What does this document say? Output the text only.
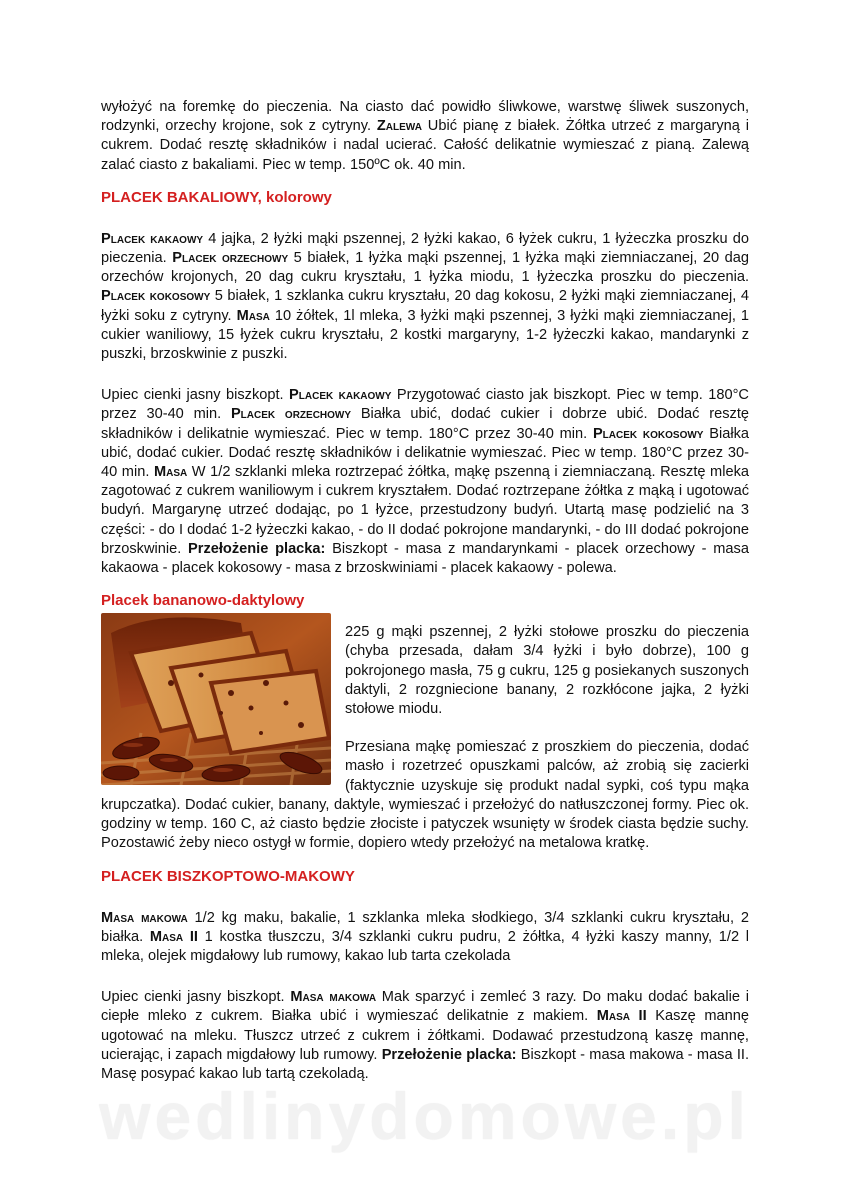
wyłożyć na foremkę do pieczenia. Na ciasto dać powidło śliwkowe, warstwę śliwek suszonych, rodzynki, orzechy krojone, sok z cytryny. Zalewa Ubić pianę z białek. Żółtka utrzeć z margaryną i cukrem. Dodać resztę składników i nadal ucierać. Całość delikatnie wymieszać z pianą. Zalewą zalać ciasto z bakaliami. Piec w temp. 150ºC ok. 40 min.

PLACEK BAKALIOWY, kolorowy

Placek kakaowy 4 jajka, 2 łyżki mąki pszennej, 2 łyżki kakao, 6 łyżek cukru, 1 łyżeczka proszku do pieczenia. Placek orzechowy 5 białek, 1 łyżka mąki pszennej, 1 łyżka mąki ziemniaczanej, 20 dag orzechów krojonych, 20 dag cukru kryształu, 1 łyżka miodu, 1 łyżeczka proszku do pieczenia. Placek kokosowy 5 białek, 1 szklanka cukru kryształu, 20 dag kokosu, 2 łyżki mąki ziemniaczanej, 4 łyżki soku z cytryny. Masa 10 żółtek, 1l mleka, 3 łyżki mąki pszennej, 3 łyżki mąki ziemniaczanej, 1 cukier waniliowy, 15 łyżek cukru kryształu, 2 kostki margaryny, 1-2 łyżeczki kakao, mandarynki z puszki, brzoskwinie z puszki.

Upiec cienki jasny biszkopt. Placek kakaowy Przygotować ciasto jak biszkopt. Piec w temp. 180°C przez 30-40 min. Placek orzechowy Białka ubić, dodać cukier i dobrze ubić. Dodać resztę składników i delikatnie wymieszać. Piec w temp. 180°C przez 30-40 min. Placek kokosowy Białka ubić, dodać cukier. Dodać resztę składników i delikatnie wymieszać. Piec w temp. 180°C przez 30-40 min. Masa W 1/2 szklanki mleka roztrzepać żółtka, mąkę pszenną i ziemniaczaną. Resztę mleka zagotować z cukrem waniliowym i cukrem kryształem. Dodać roztrzepane żółtka z mąką i ugotować budyń. Margarynę utrzeć dodając, po 1 łyżce, przestudzony budyń. Utartą masę podzielić na 3 części: - do I dodać 1-2 łyżeczki kakao, - do II dodać pokrojone mandarynki, - do III dodać pokrojone brzoskwinie. Przełożenie placka: Biszkopt - masa z mandarynkami - placek orzechowy - masa kakaowa - placek kokosowy - masa z brzoskwiniami - placek kakaowy - polewa.

Placek bananowo-daktylowy

225 g mąki pszennej, 2 łyżki stołowe proszku do pieczenia (chyba przesada, dałam 3/4 łyżki i było dobrze), 100 g pokrojonego masła, 75 g cukru, 125 g posiekanych suszonych daktyli, 2 rozgniecione banany, 2 rozkłócone jajka, 2 łyżki stołowe miodu.

Przesiana mąkę pomieszać z proszkiem do pieczenia, dodać masło i rozetrzeć opuszkami palców, aż zrobią się zacierki (faktycznie uzyskuje się produkt nadal sypki, coś typu mąka krupczatka). Dodać cukier, banany, daktyle, wymieszać i przełożyć do natłuszczonej formy. Piec ok. godziny w temp. 160 C, aż ciasto będzie złociste i patyczek wsunięty w środek ciasta będzie suchy. Pozostawić żeby nieco ostygł w formie, dopiero wtedy przełożyć na metalowa kratkę.

PLACEK BISZKOPTOWO-MAKOWY

Masa makowa 1/2 kg maku, bakalie, 1 szklanka mleka słodkiego, 3/4 szklanki cukru kryształu, 2 białka. Masa II 1 kostka tłuszczu, 3/4 szklanki cukru pudru, 2 żółtka, 4 łyżki kaszy manny, 1/2 l mleka, olejek migdałowy lub rumowy, kakao lub tarta czekolada

Upiec cienki jasny biszkopt. Masa makowa Mak sparzyć i zemleć 3 razy. Do maku dodać bakalie i ciepłe mleko z cukrem. Białka ubić i wymieszać delikatnie z makiem. Masa II Kaszę mannę ugotować na mleku. Tłuszcz utrzeć z cukrem i żółtkami. Dodawać przestudzoną kaszę mannę, ucierając, i zapach migdałowy lub rumowy. Przełożenie placka: Biszkopt - masa makowa - masa II. Masę posypać kakao lub tartą czekoladą.

wedlinydomowe.pl
